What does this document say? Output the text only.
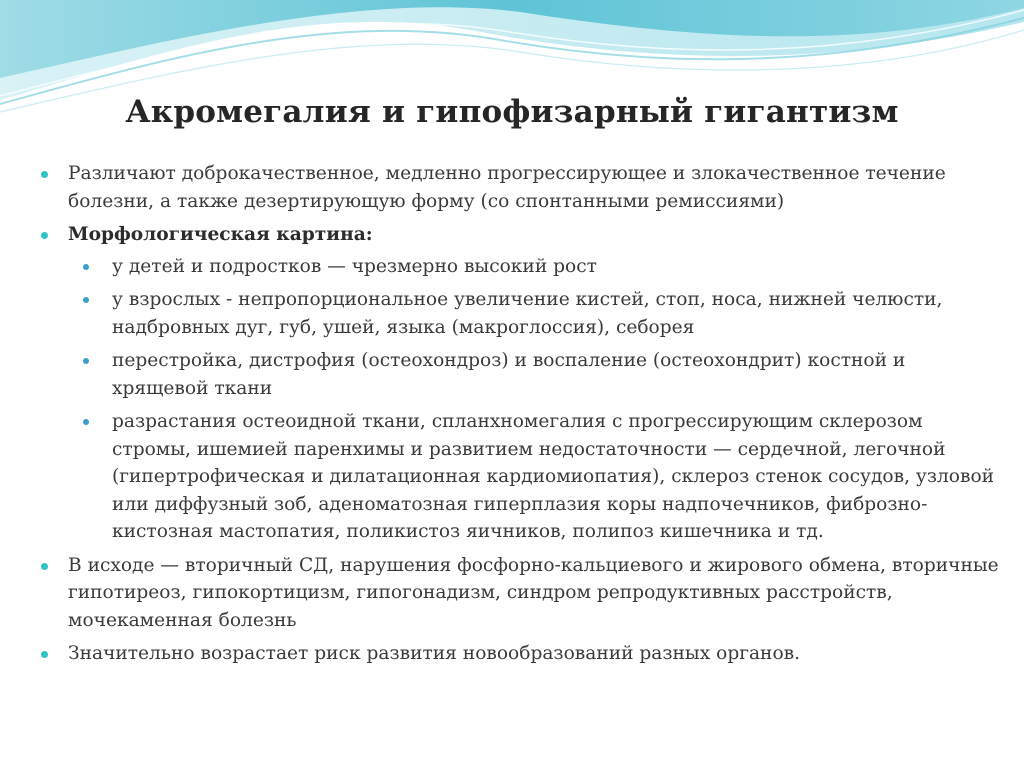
Акромегалия и гипофизарный гигантизм
Различают доброкачественное, медленно прогрессирующее и злокачественное течение болезни, а также дезертирующую форму (со спонтанными ремиссиями)
Морфологическая картина:
у детей и подростков — чрезмерно высокий рост
у взрослых - непропорциональное увеличение кистей, стоп, носа, нижней челюсти, надбровных дуг, губ, ушей, языка (макроглоссия), себорея
перестройка, дистрофия (остеохондроз) и воспаление (остеохондрит) костной и хрящевой ткани
разрастания остеоидной ткани, спланхномегалия с прогрессирующим склерозом стромы, ишемией паренхимы и развитием недостаточности — сердечной, легочной (гипертрофическая и дилатационная кардиомиопатия), склероз стенок сосудов, узловой или диффузный зоб, аденоматозная гиперплазия коры надпочечников, фиброзно-кистозная мастопатия, поликистоз яичников, полипоз кишечника и тд.
В исходе — вторичный СД, нарушения фосфорно-кальциевого и жирового обмена, вторичные гипотиреоз, гипокортицизм, гипогонадизм, синдром репродуктивных расстройств, мочекаменная болезнь
Значительно возрастает риск развития новообразований разных органов.
